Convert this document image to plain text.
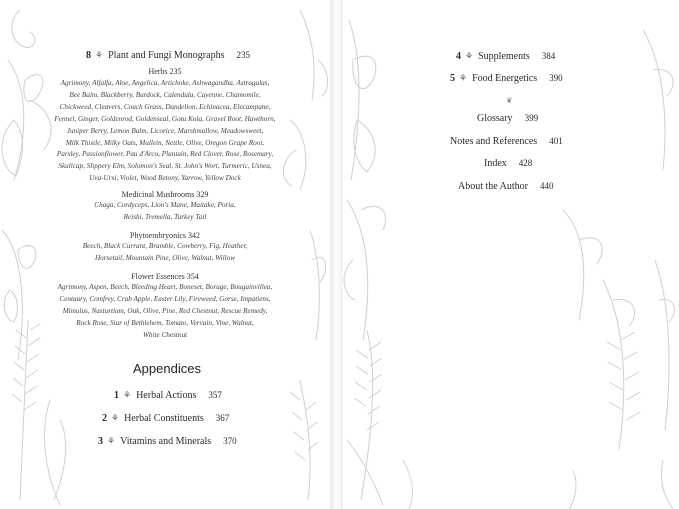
8 ⚘ Plant and Fungi Monographs 235
Herbs 235
Agrimony, Alfalfa, Aloe, Angelica, Artichoke, Ashwagandha, Astragalus,
Bee Balm, Blackberry, Burdock, Calendula, Cayenne, Chamomile,
Chickweed, Cleavers, Couch Grass, Dandelion, Echinacea, Elecampane,
Fennel, Ginger, Goldenrod, Goldenseal, Gotu Kola, Gravel Root, Hawthorn,
Juniper Berry, Lemon Balm, Licorice, Marshmallow, Meadowsweet,
Milk Thistle, Milky Oats, Mullein, Nettle, Olive, Oregon Grape Root,
Parsley, Passionflower, Pau d'Arco, Plantain, Red Clover, Rose, Rosemary,
Skullcap, Slippery Elm, Solomon's Seal, St. John's Wort, Turmeric, Usnea,
Uva-Ursi, Violet, Wood Betony, Yarrow, Yellow Dock
Medicinal Mushrooms 329
Chaga, Cordyceps, Lion's Mane, Maitake, Poria,
Reishi, Tremella, Turkey Tail
Phytoembryonics 342
Beech, Black Currant, Bramble, Cowberry, Fig, Heather,
Horsetail, Mountain Pine, Olive, Walnut, Willow
Flower Essences 354
Agrimony, Aspen, Beech, Bleeding Heart, Boneset, Borage, Bougainvillea,
Centaury, Comfrey, Crab Apple, Easter Lily, Fireweed, Gorse, Impatiens,
Mimulus, Nasturtium, Oak, Olive, Pine, Red Chestnut, Rescue Remedy,
Rock Rose, Star of Bethlehem, Tomato, Vervain, Vine, Walnut,
White Chestnut
Appendices
1 ⚘ Herbal Actions 357
2 ⚘ Herbal Constituents 367
3 ⚘ Vitamins and Minerals 370
4 ⚘ Supplements 384
5 ⚘ Food Energetics 390
❦
Glossary 399
Notes and References 401
Index 428
About the Author 440
